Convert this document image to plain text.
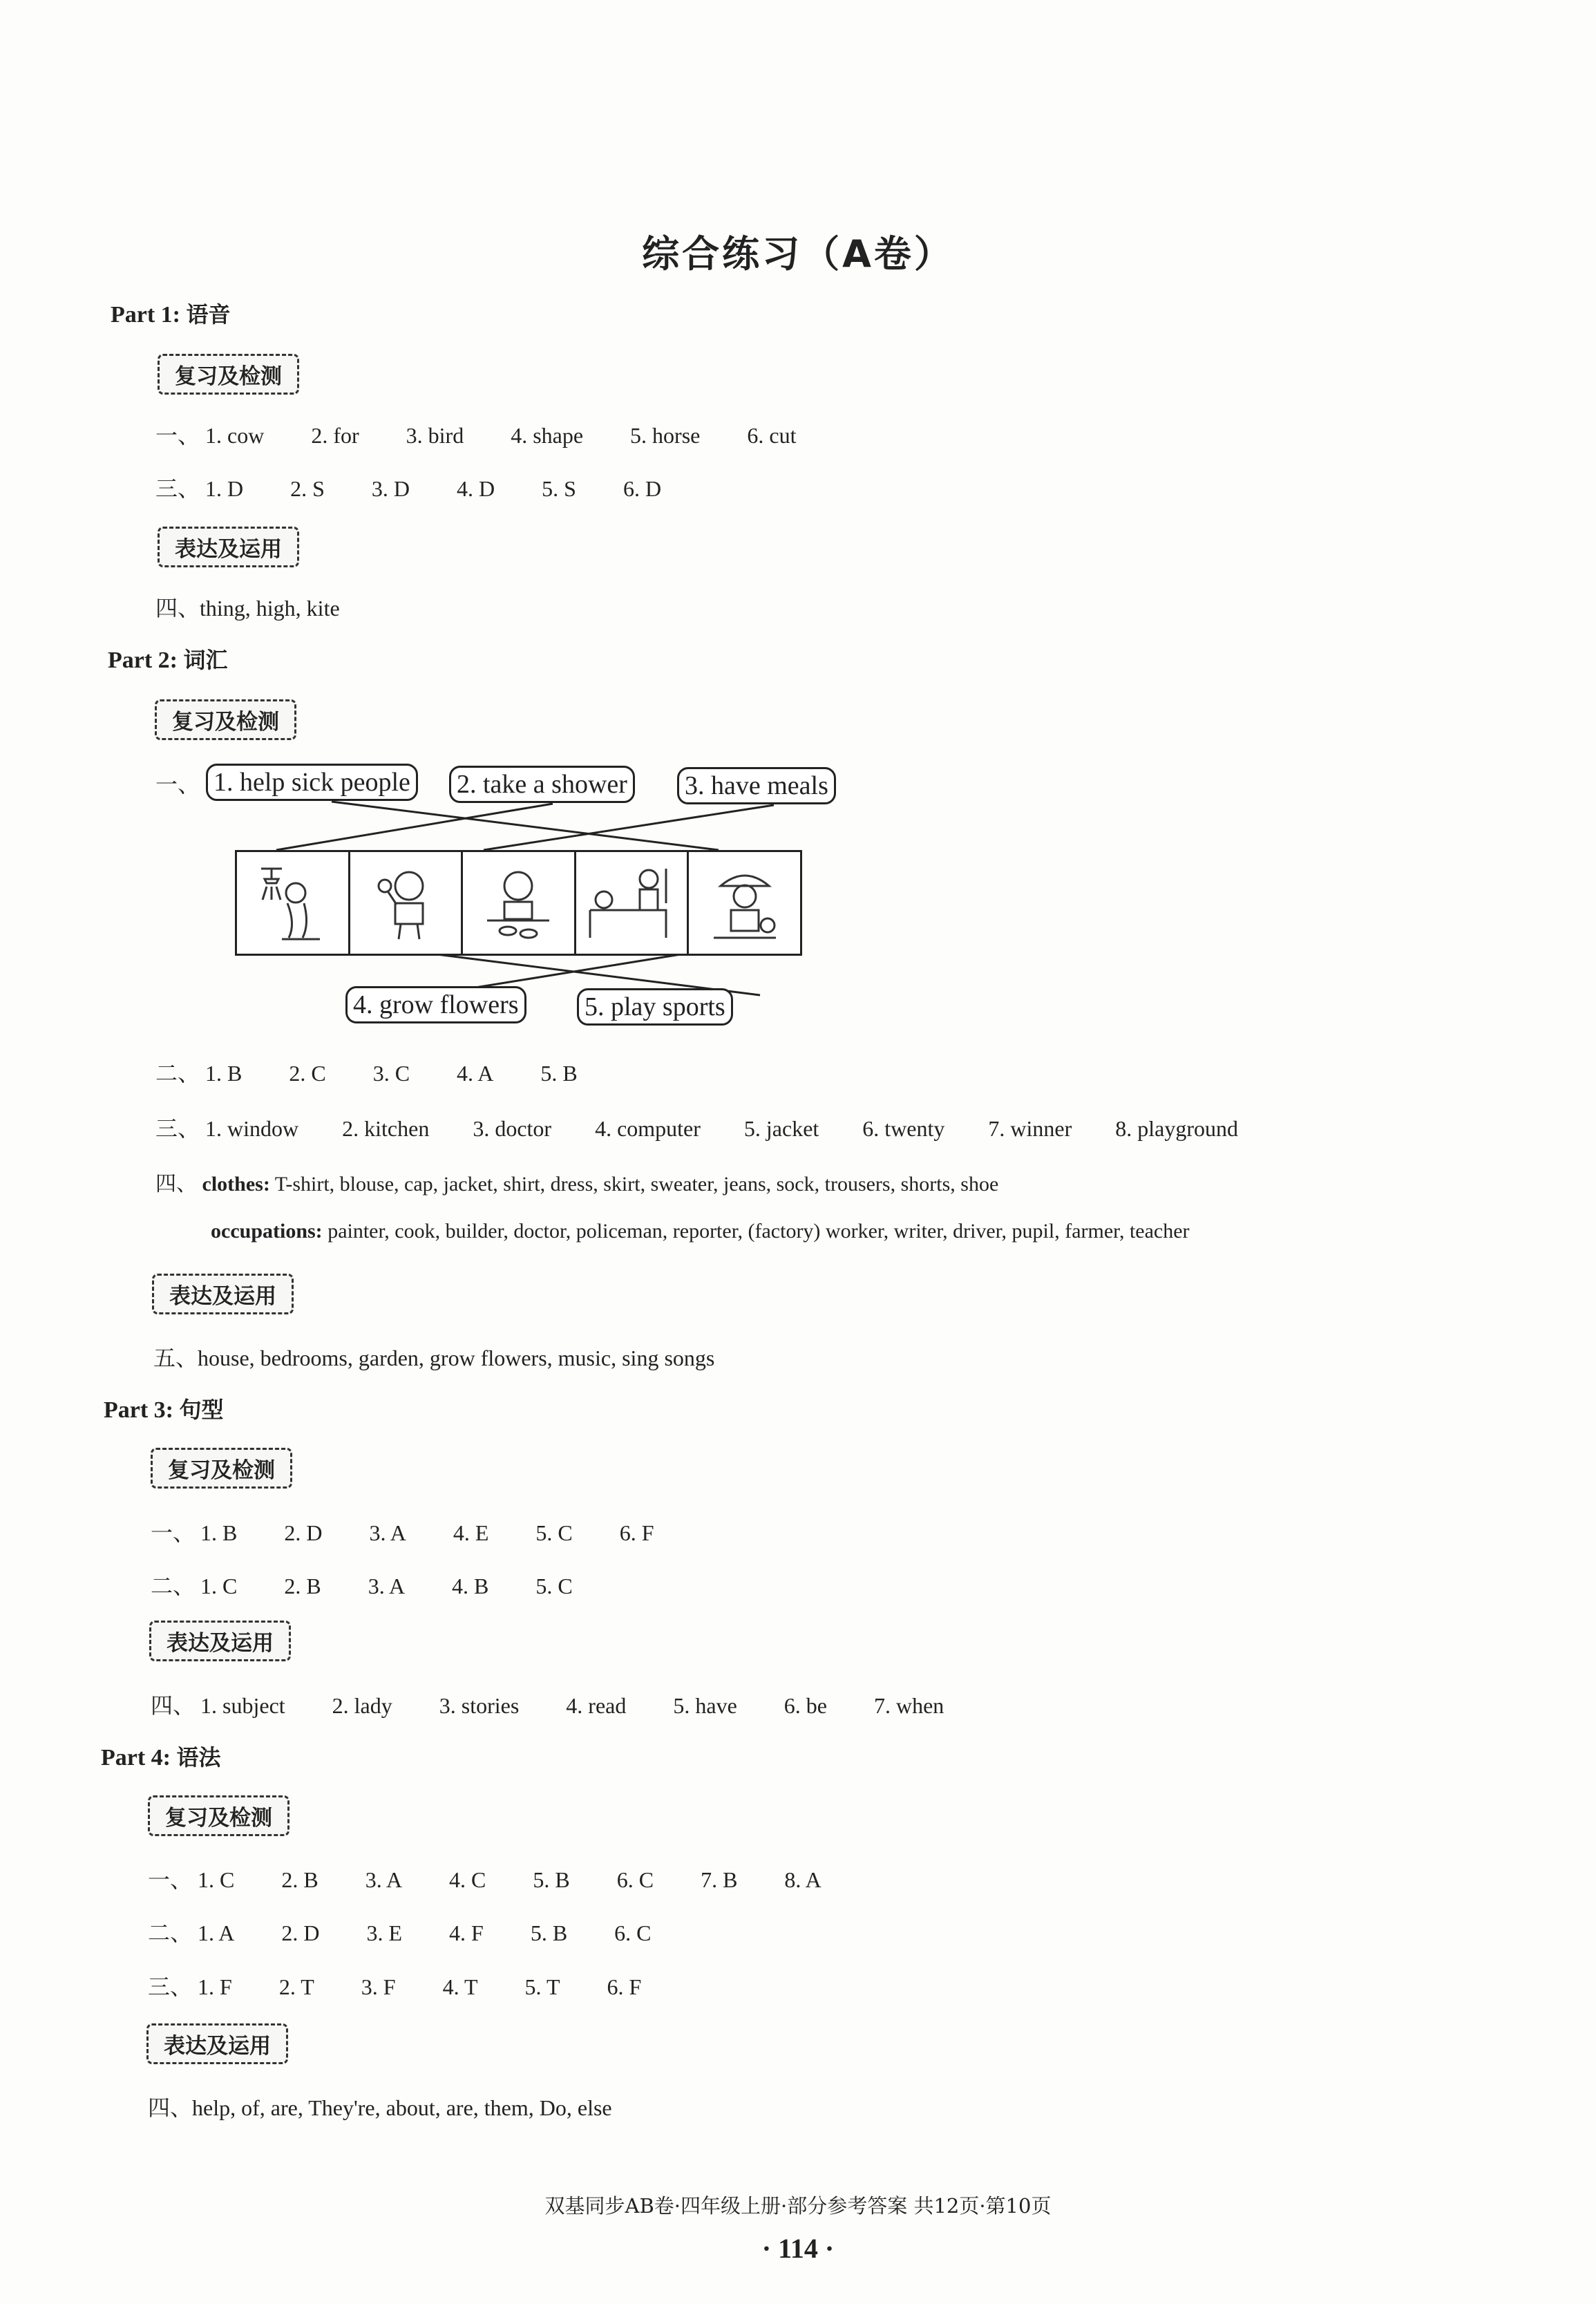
综合练习（A卷）
Part 1: 语音
复习及检测
一、 1. cow 2. for 3. bird 4. shape 5. horse 6. cut
三、 1. D 2. S 3. D 4. D 5. S 6. D
表达及运用
四、thing, high, kite
Part 2: 词汇
复习及检测
一、 1. help sick people 2. take a shower 3. have meals
4. grow flowers	5. play sports
二、 1. B 2. C 3. C 4. A 5. B
三、 1. window 2. kitchen 3. doctor 4. computer 5. jacket 6. twenty 7. winner 8. playground
四、 clothes: T-shirt, blouse, cap, jacket, shirt, dress, skirt, sweater, jeans, sock, trousers, shorts, shoe
occupations: painter, cook, builder, doctor, policeman, reporter, (factory) worker, writer, driver, pupil, farmer, teacher
表达及运用
五、house, bedrooms, garden, grow flowers, music, sing songs
Part 3: 句型
复习及检测
一、 1. B 2. D 3. A 4. E 5. C 6. F
二、 1. C 2. B 3. A 4. B 5. C
表达及运用
四、 1. subject 2. lady 3. stories 4. read 5. have 6. be 7. when
Part 4: 语法
复习及检测
一、 1. C 2. B 3. A 4. C 5. B 6. C 7. B 8. A
二、 1. A 2. D 3. E 4. F 5. B 6. C
三、 1. F 2. T 3. F 4. T 5. T 6. F
表达及运用
四、help, of, are, They're, about, are, them, Do, else
双基同步AB卷·四年级上册·部分参考答案 共12页·第10页
· 114 ·
